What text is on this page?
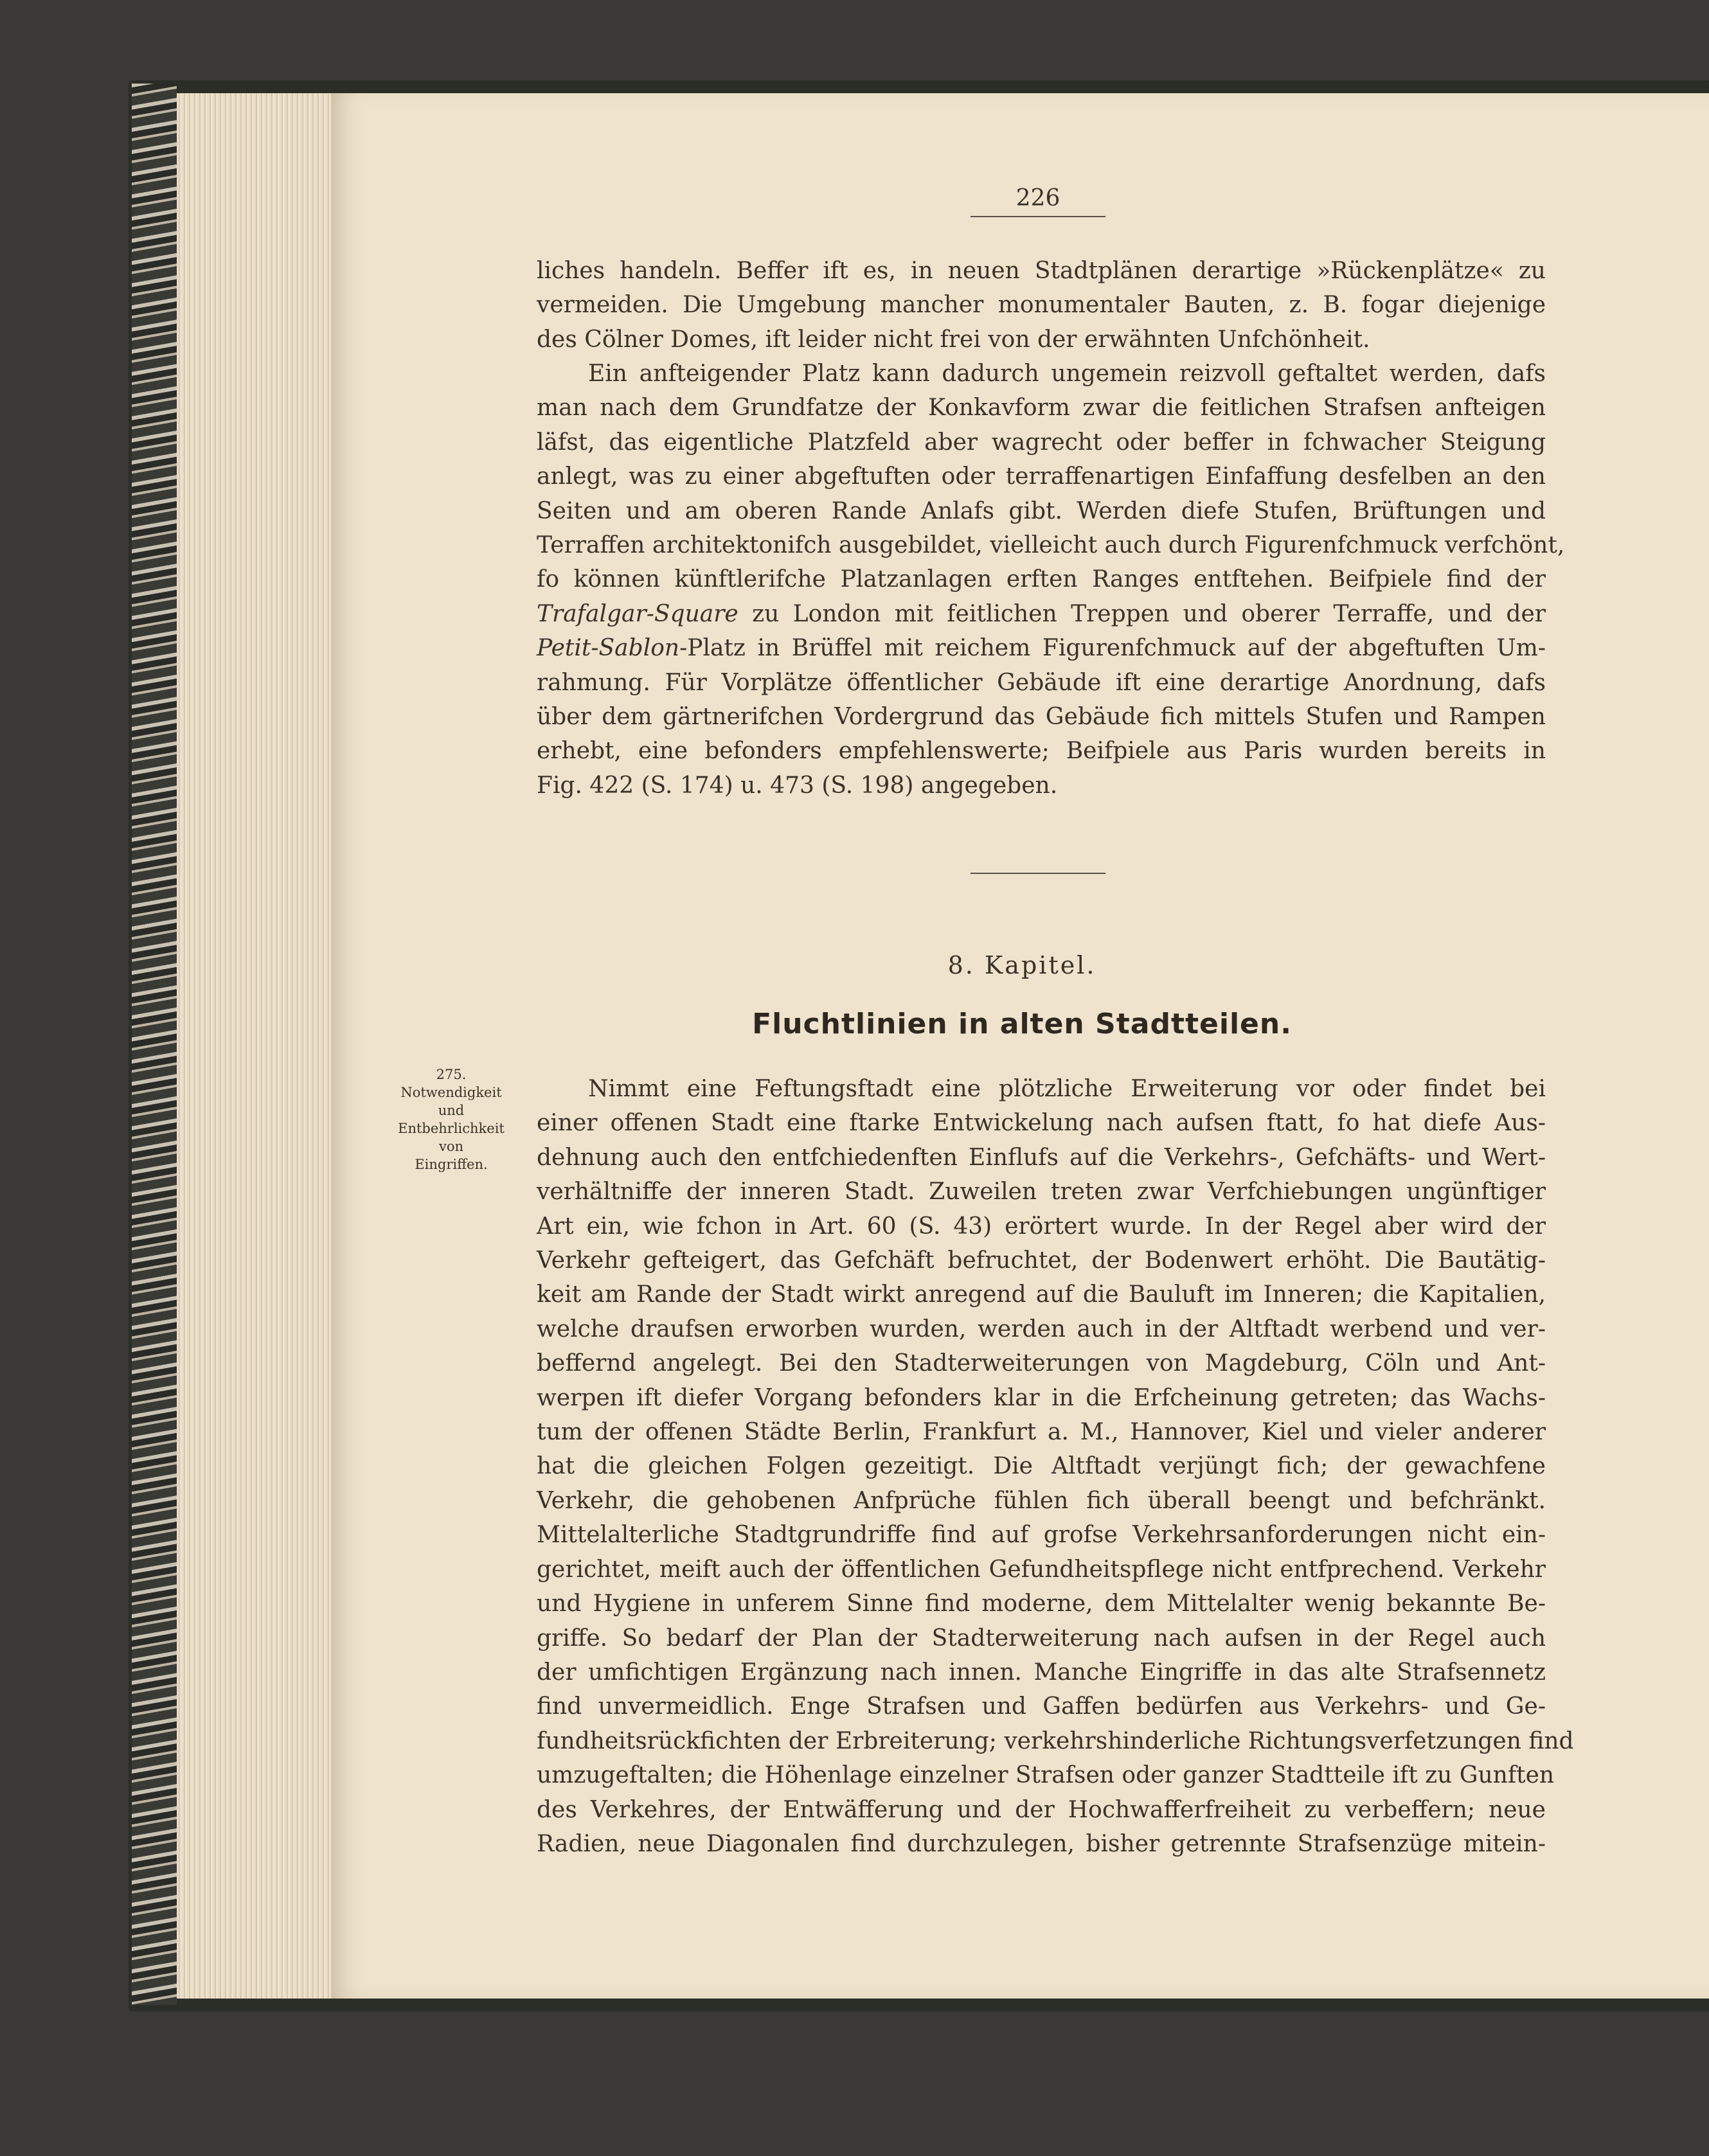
226
liches handeln. Beffer ift es, in neuen Stadtplänen derartige »Rückenplätze« zu
vermeiden. Die Umgebung mancher monumentaler Bauten, z. B. fogar diejenige
des Cölner Domes, ift leider nicht frei von der erwähnten Unfchönheit.
Ein anfteigender Platz kann dadurch ungemein reizvoll geftaltet werden, dafs
man nach dem Grundfatze der Konkavform zwar die feitlichen Strafsen anfteigen
läfst, das eigentliche Platzfeld aber wagrecht oder beffer in fchwacher Steigung
anlegt, was zu einer abgeftuften oder terraffenartigen Einfaffung desfelben an den
Seiten und am oberen Rande Anlafs gibt. Werden diefe Stufen, Brüftungen und
Terraffen architektonifch ausgebildet, vielleicht auch durch Figurenfchmuck verfchönt,
fo können künftlerifche Platzanlagen erften Ranges entftehen. Beifpiele find der
Trafalgar-Square zu London mit feitlichen Treppen und oberer Terraffe, und der
Petit-Sablon-Platz in Brüffel mit reichem Figurenfchmuck auf der abgeftuften Um-
rahmung. Für Vorplätze öffentlicher Gebäude ift eine derartige Anordnung, dafs
über dem gärtnerifchen Vordergrund das Gebäude fich mittels Stufen und Rampen
erhebt, eine befonders empfehlenswerte; Beifpiele aus Paris wurden bereits in
Fig. 422 (S. 174) u. 473 (S. 198) angegeben.
8. Kapitel.
Fluchtlinien in alten Stadtteilen.
275.
Notwendigkeit
und
Entbehrlichkeit
von
Eingriffen.
Nimmt eine Feftungsftadt eine plötzliche Erweiterung vor oder findet bei
einer offenen Stadt eine ftarke Entwickelung nach aufsen ftatt, fo hat diefe Aus-
dehnung auch den entfchiedenften Einflufs auf die Verkehrs-, Gefchäfts- und Wert-
verhältniffe der inneren Stadt. Zuweilen treten zwar Verfchiebungen ungünftiger
Art ein, wie fchon in Art. 60 (S. 43) erörtert wurde. In der Regel aber wird der
Verkehr gefteigert, das Gefchäft befruchtet, der Bodenwert erhöht. Die Bautätig-
keit am Rande der Stadt wirkt anregend auf die Bauluft im Inneren; die Kapitalien,
welche draufsen erworben wurden, werden auch in der Altftadt werbend und ver-
beffernd angelegt. Bei den Stadterweiterungen von Magdeburg, Cöln und Ant-
werpen ift diefer Vorgang befonders klar in die Erfcheinung getreten; das Wachs-
tum der offenen Städte Berlin, Frankfurt a. M., Hannover, Kiel und vieler anderer
hat die gleichen Folgen gezeitigt. Die Altftadt verjüngt fich; der gewachfene
Verkehr, die gehobenen Anfprüche fühlen fich überall beengt und befchränkt.
Mittelalterliche Stadtgrundriffe find auf grofse Verkehrsanforderungen nicht ein-
gerichtet, meift auch der öffentlichen Gefundheitspflege nicht entfprechend. Verkehr
und Hygiene in unferem Sinne find moderne, dem Mittelalter wenig bekannte Be-
griffe. So bedarf der Plan der Stadterweiterung nach aufsen in der Regel auch
der umfichtigen Ergänzung nach innen. Manche Eingriffe in das alte Strafsennetz
find unvermeidlich. Enge Strafsen und Gaffen bedürfen aus Verkehrs- und Ge-
fundheitsrückfichten der Erbreiterung; verkehrshinderliche Richtungsverfetzungen find
umzugeftalten; die Höhenlage einzelner Strafsen oder ganzer Stadtteile ift zu Gunften
des Verkehres, der Entwäfferung und der Hochwafferfreiheit zu verbeffern; neue
Radien, neue Diagonalen find durchzulegen, bisher getrennte Strafsenzüge mitein-
